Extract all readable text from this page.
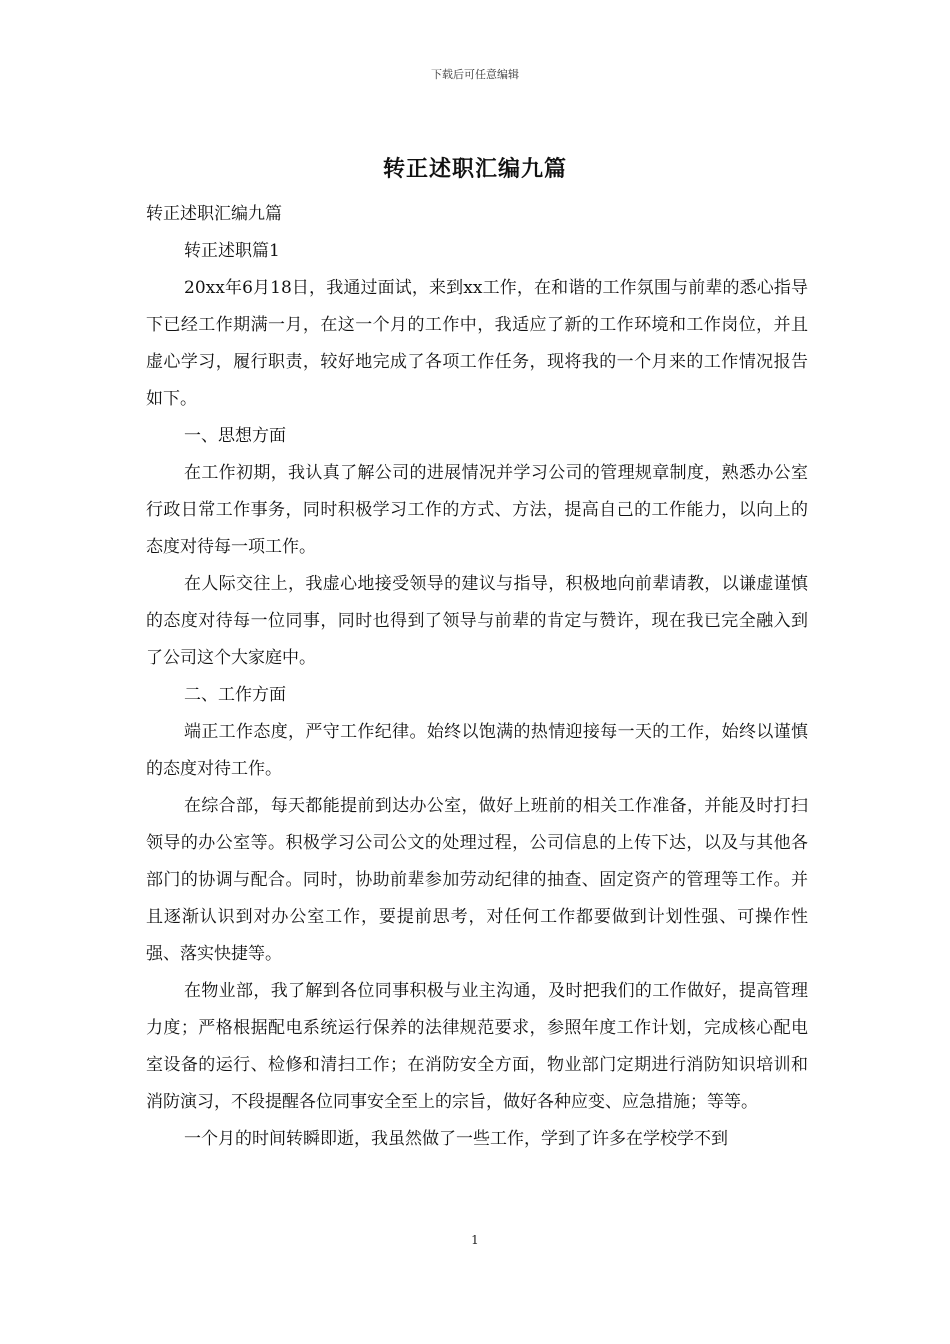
下载后可任意编辑
转正述职汇编九篇

转正述职汇编九篇

转正述职篇1

20xx年6月18日，我通过面试，来到xx工作，在和谐的工作氛围与前辈的悉心指导下已经工作期满一月，在这一个月的工作中，我适应了新的工作环境和工作岗位，并且虚心学习，履行职责，较好地完成了各项工作任务，现将我的一个月来的工作情况报告如下。

一、思想方面

在工作初期，我认真了解公司的进展情况并学习公司的管理规章制度，熟悉办公室行政日常工作事务，同时积极学习工作的方式、方法，提高自己的工作能力，以向上的态度对待每一项工作。

在人际交往上，我虚心地接受领导的建议与指导，积极地向前辈请教，以谦虚谨慎的态度对待每一位同事，同时也得到了领导与前辈的肯定与赞许，现在我已完全融入到了公司这个大家庭中。

二、工作方面

端正工作态度，严守工作纪律。始终以饱满的热情迎接每一天的工作，始终以谨慎的态度对待工作。

在综合部，每天都能提前到达办公室，做好上班前的相关工作准备，并能及时打扫领导的办公室等。积极学习公司公文的处理过程，公司信息的上传下达，以及与其他各部门的协调与配合。同时，协助前辈参加劳动纪律的抽查、固定资产的管理等工作。并且逐渐认识到对办公室工作，要提前思考，对任何工作都要做到计划性强、可操作性强、落实快捷等。

在物业部，我了解到各位同事积极与业主沟通，及时把我们的工作做好，提高管理力度；严格根据配电系统运行保养的法律规范要求，参照年度工作计划，完成核心配电室设备的运行、检修和清扫工作；在消防安全方面，物业部门定期进行消防知识培训和消防演习，不段提醒各位同事安全至上的宗旨，做好各种应变、应急措施；等等。

一个月的时间转瞬即逝，我虽然做了一些工作，学到了许多在学校学不到

1
